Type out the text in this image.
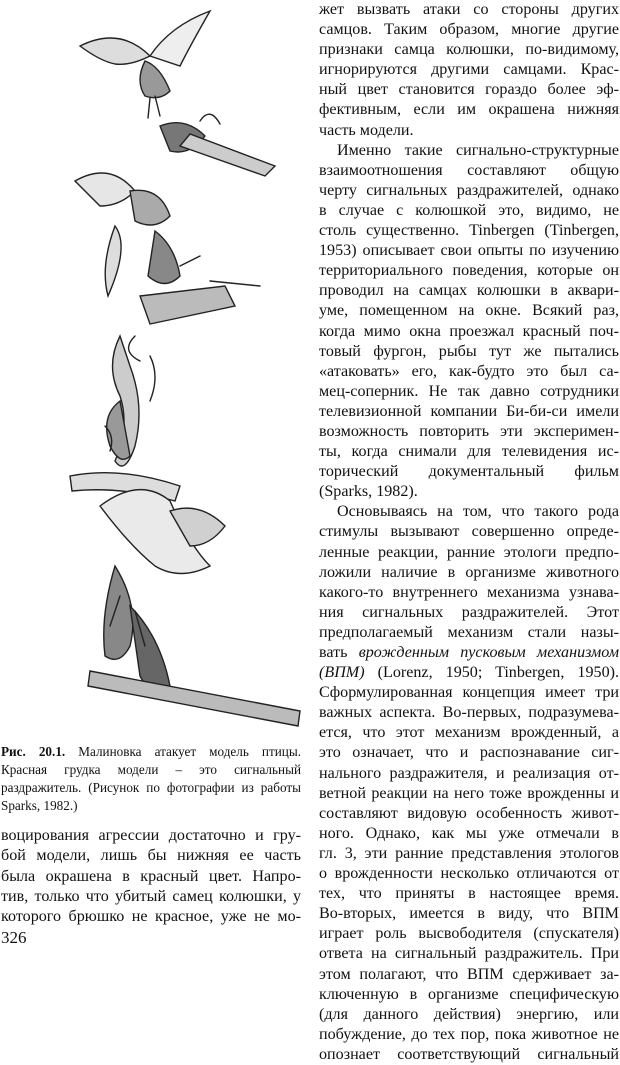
Рис. 20.1. Малиновка атакует модель птицы. Красная грудка модели – это сигнальный раздражитель. (Рисунок по фотографии из работы Sparks, 1982.)
воцирования агрессии достаточно и гру-
бой модели, лишь бы нижняя ее часть
была окрашена в красный цвет. Напро-
тив, только что убитый самец колюшки, у
которого брюшко не красное, уже не мо-
жет вызвать атаки со стороны других
самцов. Таким образом, многие другие
признаки самца колюшки, по-видимому,
игнорируются другими самцами. Крас-
ный цвет становится гораздо более эф-
фективным, если им окрашена нижняя
часть модели.
Именно такие сигнально-структурные
взаимоотношения составляют общую
черту сигнальных раздражителей, однако
в случае с колюшкой это, видимо, не
столь существенно. Tinbergen (Tinbergen,
1953) описывает свои опыты по изучению
территориального поведения, которые он
проводил на самцах колюшки в аквари-
уме, помещенном на окне. Всякий раз,
когда мимо окна проезжал красный поч-
товый фургон, рыбы тут же пытались
«атаковать» его, как-будто это был са-
мец-соперник. Не так давно сотрудники
телевизионной компании Би-би-си имели
возможность повторить эти эксперимен-
ты, когда снимали для телевидения ис-
торический документальный фильм
(Sparks, 1982).
Основываясь на том, что такого рода
стимулы вызывают совершенно опреде-
ленные реакции, ранние этологи предпо-
ложили наличие в организме животного
какого-то внутреннего механизма узнава-
ния сигнальных раздражителей. Этот
предполагаемый механизм стали назы-
вать врожденным пусковым механизмом
(ВПМ) (Lorenz, 1950; Tinbergen, 1950).
Сформулированная концепция имеет три
важных аспекта. Во-первых, подразумева-
ется, что этот механизм врожденный, а
это означает, что и распознавание сиг-
нального раздражителя, и реализация от-
ветной реакции на него тоже врожденны и
составляют видовую особенность живот-
ного. Однако, как мы уже отмечали в
гл. 3, эти ранние представления этологов
о врожденности несколько отличаются от
тех, что приняты в настоящее время.
Во-вторых, имеется в виду, что ВПМ
играет роль высвободителя (спускателя)
ответа на сигнальный раздражитель. При
этом полагают, что ВПМ сдерживает за-
ключенную в организме специфическую
(для данного действия) энергию, или
побуждение, до тех пор, пока животное не
опознает соответствующий сигнальный
326
